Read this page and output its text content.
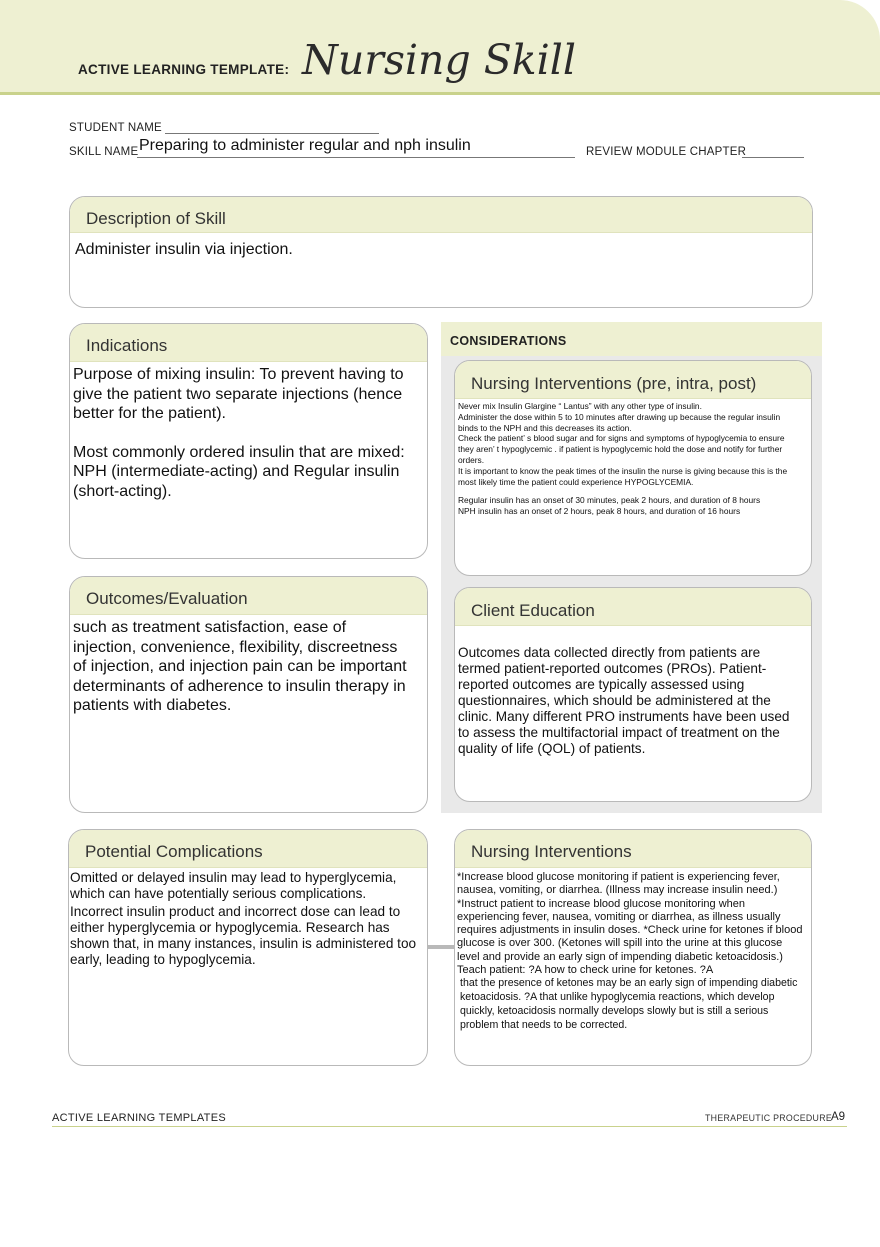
ACTIVE LEARNING TEMPLATE: Nursing Skill
STUDENT NAME
SKILL NAME Preparing to administer regular and nph insulin	REVIEW MODULE CHAPTER
Description of Skill
Administer insulin via injection.
CONSIDERATIONS
Indications
Purpose of mixing insulin: To prevent having to give the patient two separate injections (hence better for the patient).
Most commonly ordered insulin that are mixed: NPH (intermediate-acting) and Regular insulin (short-acting).
Nursing Interventions (pre, intra, post)
Never mix Insulin Glargine “ Lantus” with any other type of insulin.
Administer the dose within 5 to 10 minutes after drawing up because the regular insulin
binds to the NPH and this decreases its action.
Check the patient’ s blood sugar and for signs and symptoms of hypoglycemia to ensure
they aren’ t hypoglycemic . if patient is hypoglycemic hold the dose and notify for further
orders.
It is important to know the peak times of the insulin the nurse is giving because this is the
most likely time the patient could experience HYPOGLYCEMIA.
Regular insulin has an onset of 30 minutes, peak 2 hours, and duration of 8 hours
NPH insulin has an onset of 2 hours, peak 8 hours, and duration of 16 hours
Outcomes/Evaluation
such as treatment satisfaction, ease of injection, convenience, flexibility, discreetness of injection, and injection pain can be important determinants of adherence to insulin therapy in patients with diabetes.
Client Education
Outcomes data collected directly from patients are termed patient-reported outcomes (PROs). Patient-reported outcomes are typically assessed using questionnaires, which should be administered at the clinic. Many different PRO instruments have been used to assess the multifactorial impact of treatment on the quality of life (QOL) of patients.
Potential Complications
Omitted or delayed insulin may lead to hyperglycemia, which can have potentially serious complications.
Incorrect insulin product and incorrect dose can lead to either hyperglycemia or hypoglycemia. Research has shown that, in many instances, insulin is administered too early, leading to hypoglycemia.
Nursing Interventions
*Increase blood glucose monitoring if patient is experiencing fever, nausea, vomiting, or diarrhea. (Illness may increase insulin need.) *Instruct patient to increase blood glucose monitoring when experiencing fever, nausea, vomiting or diarrhea, as illness usually requires adjustments in insulin doses. *Check urine for ketones if blood glucose is over 300. (Ketones will spill into the urine at this glucose level and provide an early sign of impending diabetic ketoacidosis.) Teach patient: ?A how to check urine for ketones. ?A
that the presence of ketones may be an early sign of impending diabetic ketoacidosis. ?A that unlike hypoglycemia reactions, which develop quickly, ketoacidosis normally develops slowly but is still a serious problem that needs to be corrected.
ACTIVE LEARNING TEMPLATES	THERAPEUTIC PROCEDURE
A9
